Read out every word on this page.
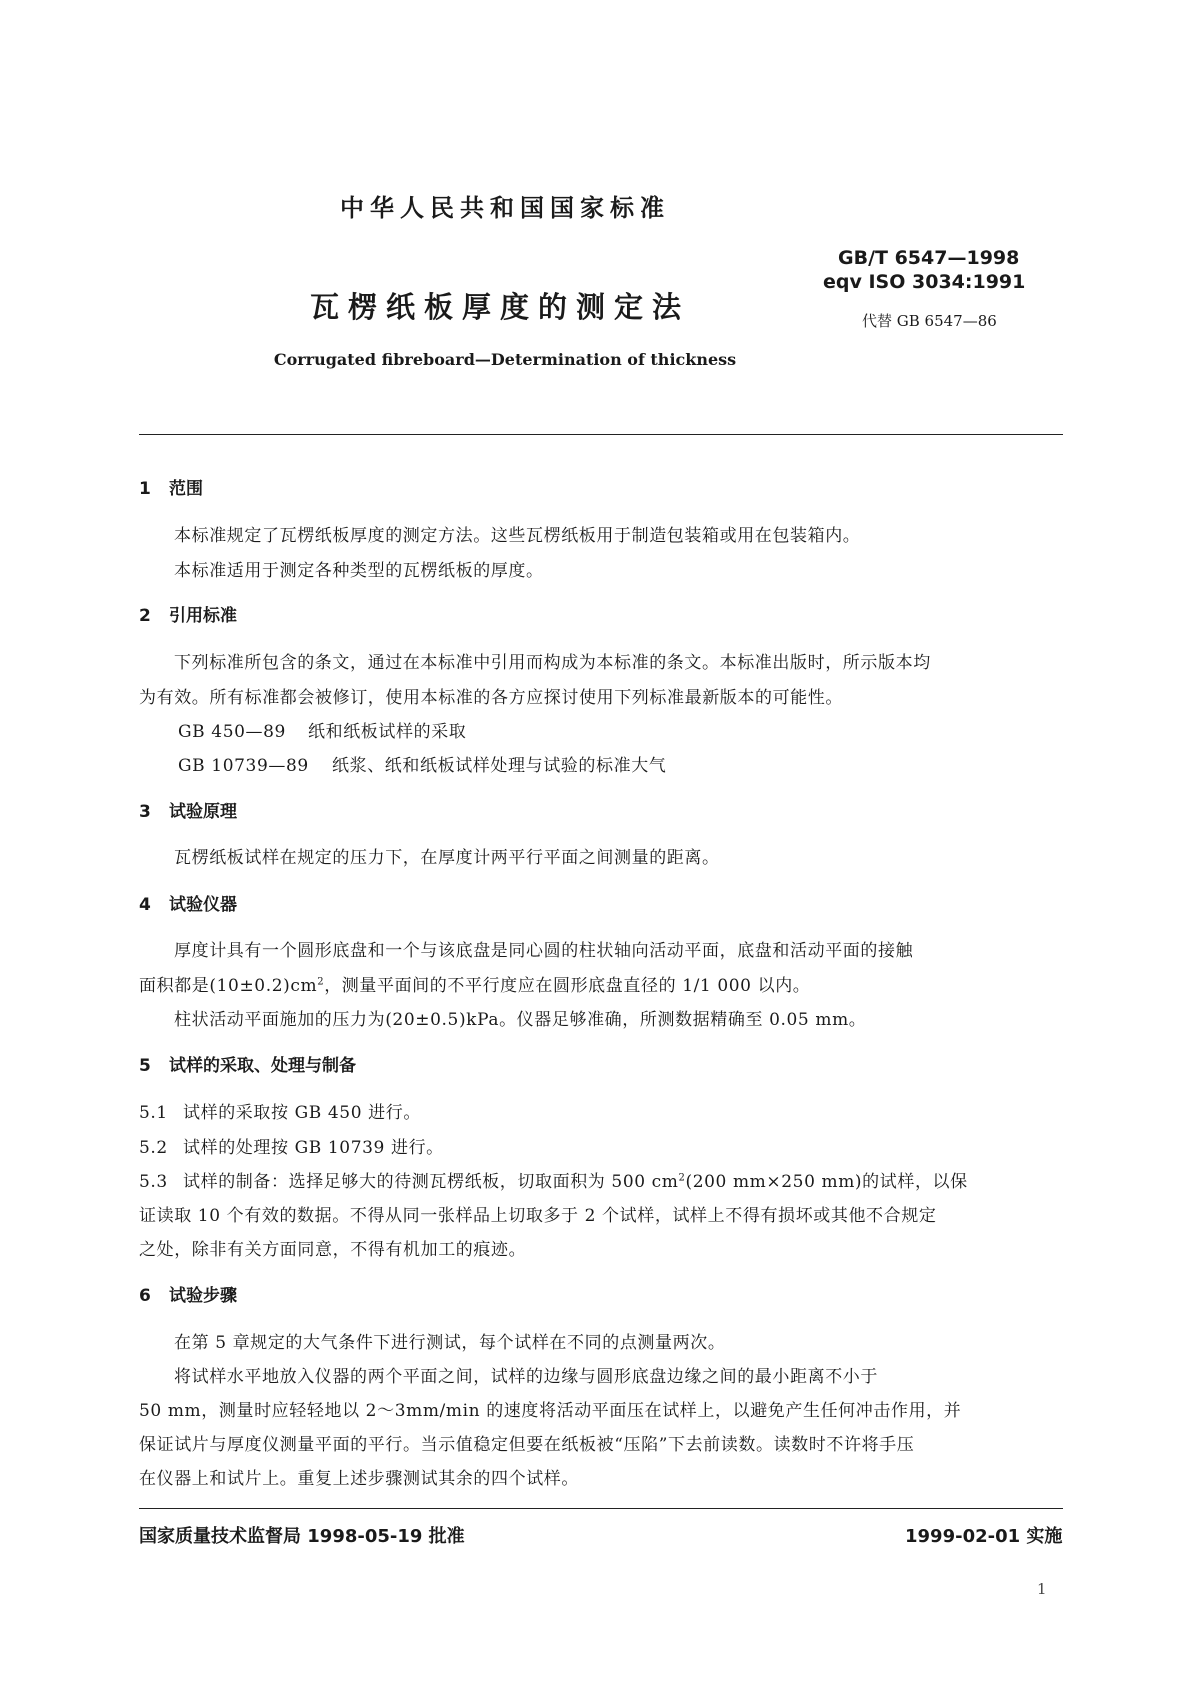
中华人民共和国国家标准
GB/T 6547—1998
eqv ISO 3034:1991
代替 GB 6547—86
瓦楞纸板厚度的测定法
Corrugated fibreboard—Determination of thickness
1 范围
本标准规定了瓦楞纸板厚度的测定方法。这些瓦楞纸板用于制造包装箱或用在包装箱内。
本标准适用于测定各种类型的瓦楞纸板的厚度。
2 引用标准
下列标准所包含的条文，通过在本标准中引用而构成为本标准的条文。本标准出版时，所示版本均
为有效。所有标准都会被修订，使用本标准的各方应探讨使用下列标准最新版本的可能性。
GB 450—89 纸和纸板试样的采取
GB 10739—89 纸浆、纸和纸板试样处理与试验的标准大气
3 试验原理
瓦楞纸板试样在规定的压力下，在厚度计两平行平面之间测量的距离。
4 试验仪器
厚度计具有一个圆形底盘和一个与该底盘是同心圆的柱状轴向活动平面，底盘和活动平面的接触
面积都是$(10\pm 0.2)cm^2$，测量平面间的不平行度应在圆形底盘直径的 1/1 000 以内。
柱状活动平面施加的压力为(20±0.5)kPa。仪器足够准确，所测数据精确至 0.05 mm。
5 试样的采取、处理与制备
5.1 试样的采取按 GB 450 进行。
5.2 试样的处理按 GB 10739 进行。
5.3 试样的制备：选择足够大的待测瓦楞纸板，切取面积为 500 $cm^2(200$ mm×250 mm)的试样，以保
证读取 10 个有效的数据。不得从同一张样品上切取多于 2 个试样，试样上不得有损坏或其他不合规定
之处，除非有关方面同意，不得有机加工的痕迹。
6 试验步骤
在第 5 章规定的大气条件下进行测试，每个试样在不同的点测量两次。
将试样水平地放入仪器的两个平面之间，试样的边缘与圆形底盘边缘之间的最小距离不小于
50 mm，测量时应轻轻地以 2～3mm/min 的速度将活动平面压在试样上，以避免产生任何冲击作用，并
保证试片与厚度仪测量平面的平行。当示值稳定但要在纸板被“压陷”下去前读数。读数时不许将手压
在仪器上和试片上。重复上述步骤测试其余的四个试样。
国家质量技术监督局 1998-05-19 批准	1999-02-01 实施
1
